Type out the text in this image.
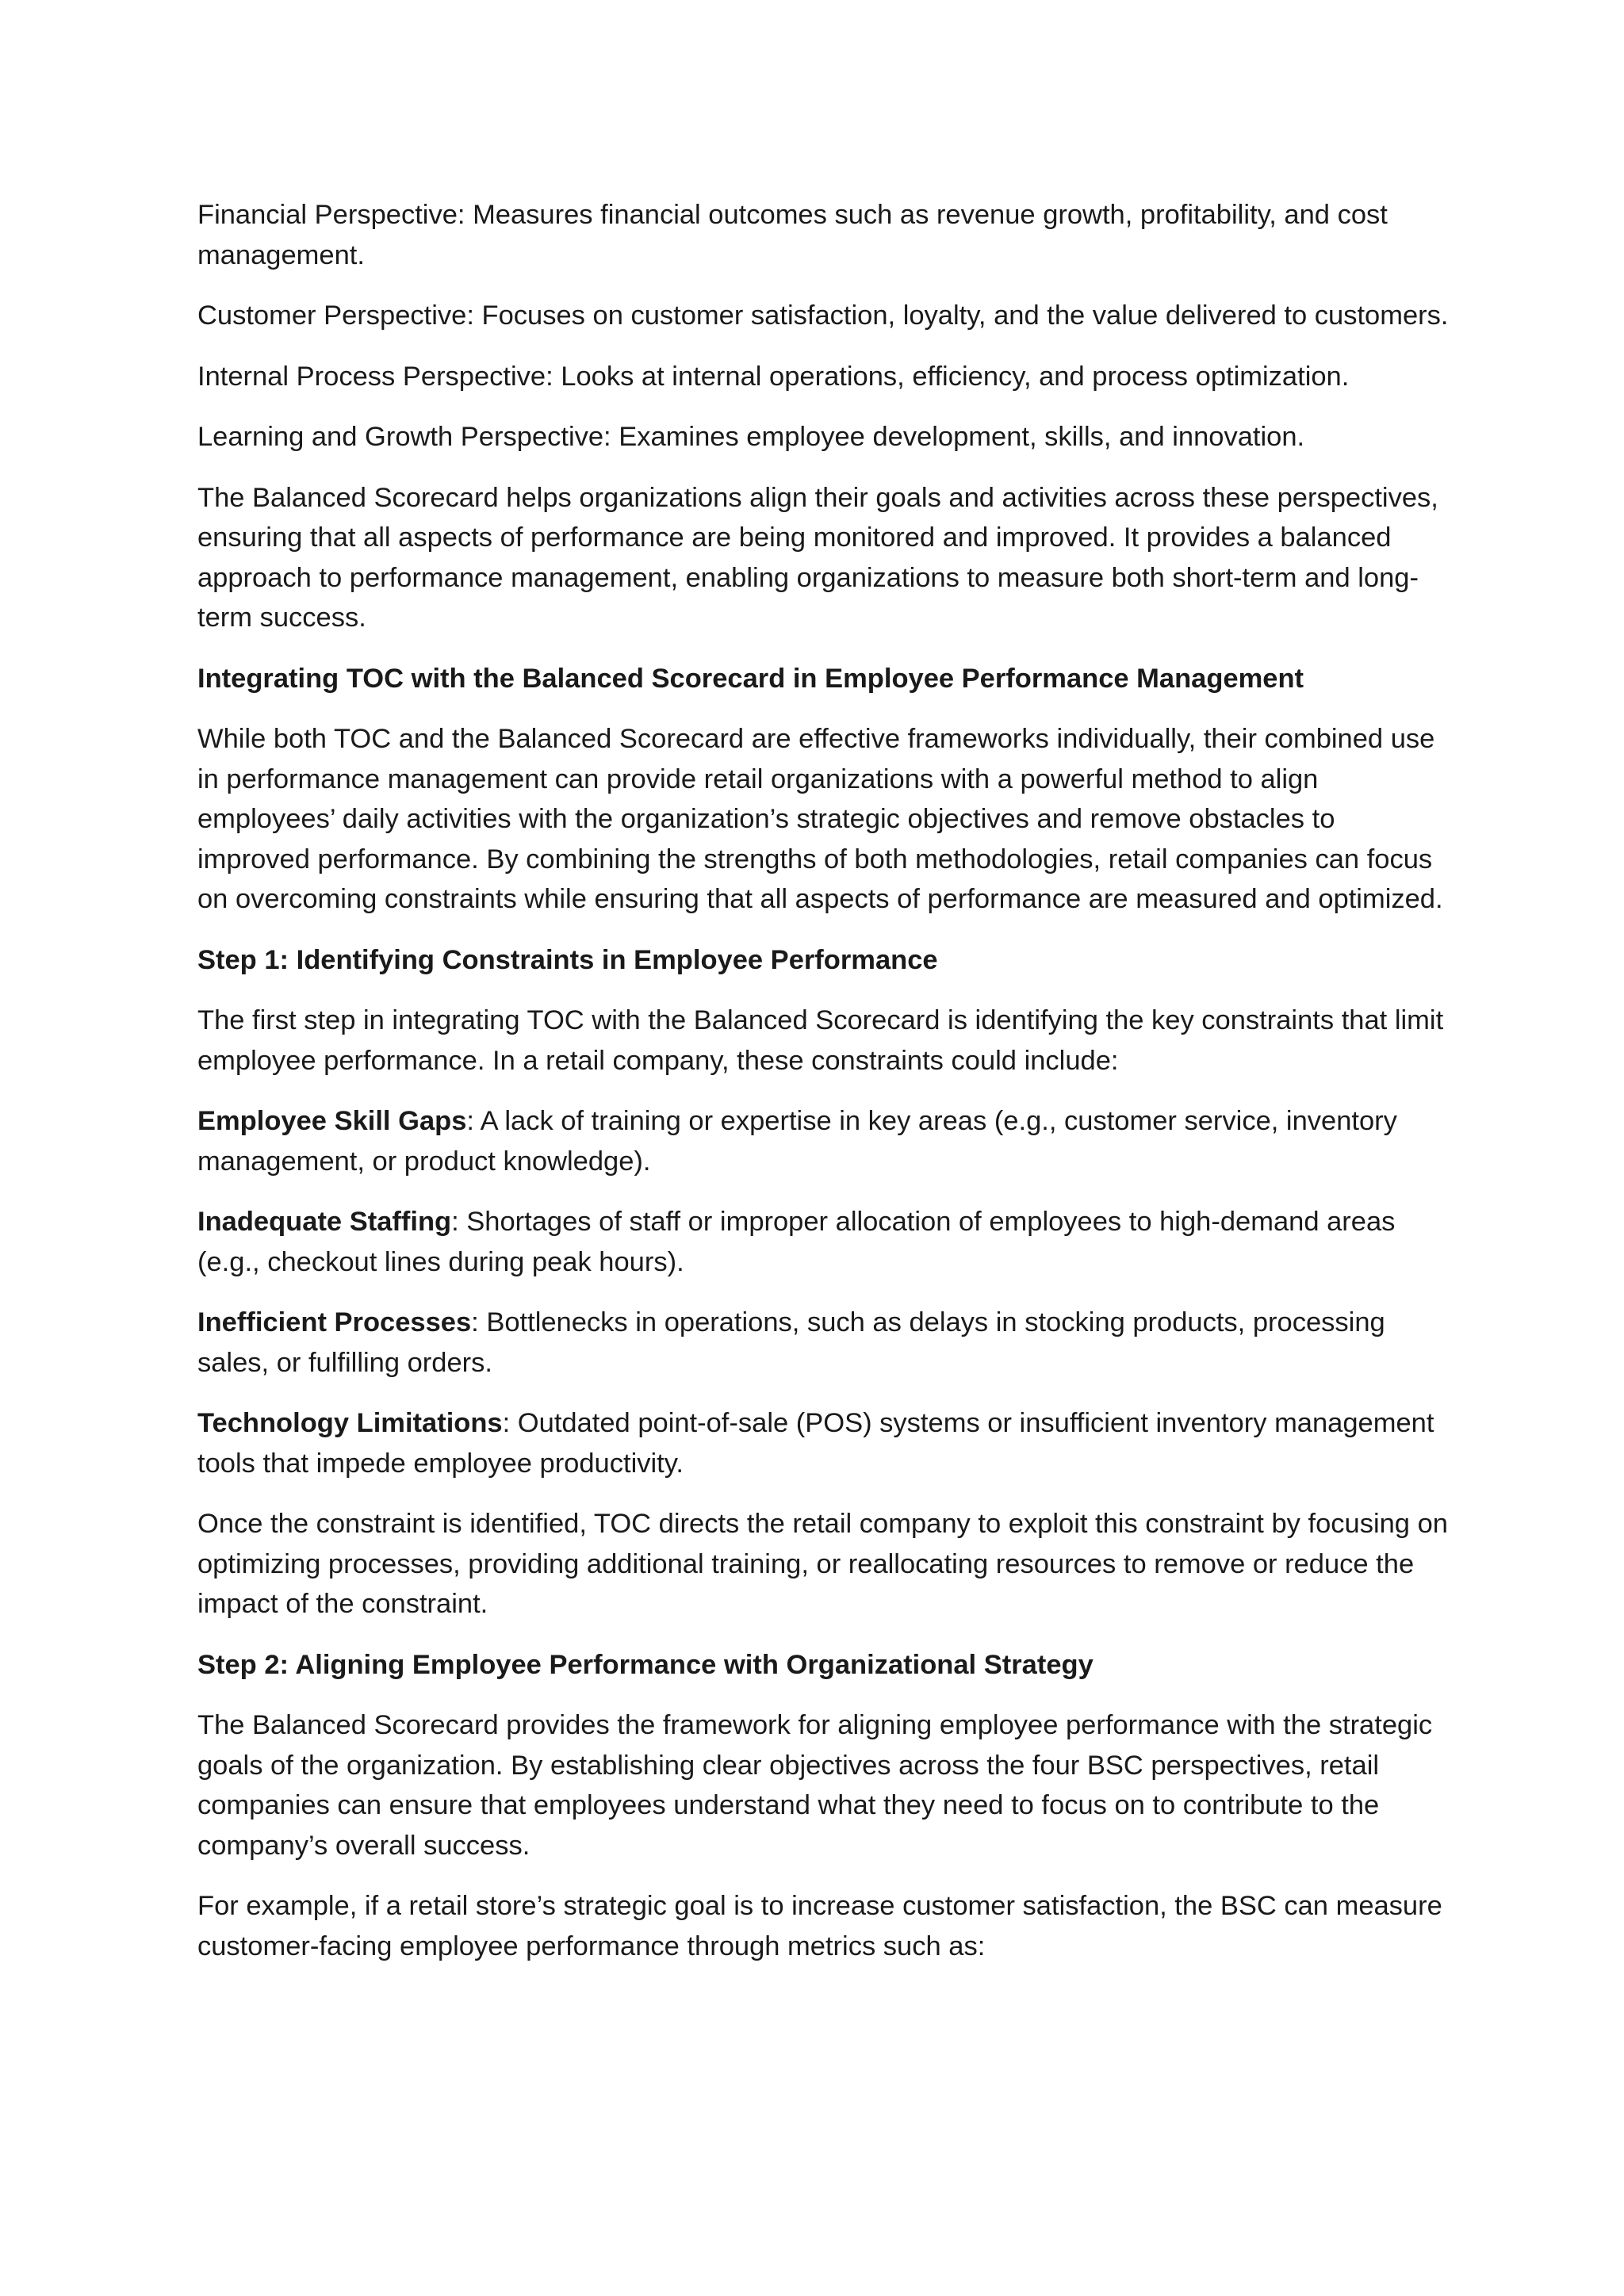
Financial Perspective: Measures financial outcomes such as revenue growth, profitability, and cost management.

Customer Perspective: Focuses on customer satisfaction, loyalty, and the value delivered to customers.

Internal Process Perspective: Looks at internal operations, efficiency, and process optimization.

Learning and Growth Perspective: Examines employee development, skills, and innovation.

The Balanced Scorecard helps organizations align their goals and activities across these perspectives, ensuring that all aspects of performance are being monitored and improved. It provides a balanced approach to performance management, enabling organizations to measure both short-term and long-term success.

Integrating TOC with the Balanced Scorecard in Employee Performance Management

While both TOC and the Balanced Scorecard are effective frameworks individually, their combined use in performance management can provide retail organizations with a powerful method to align employees’ daily activities with the organization’s strategic objectives and remove obstacles to improved performance. By combining the strengths of both methodologies, retail companies can focus on overcoming constraints while ensuring that all aspects of performance are measured and optimized.

Step 1: Identifying Constraints in Employee Performance

The first step in integrating TOC with the Balanced Scorecard is identifying the key constraints that limit employee performance. In a retail company, these constraints could include:

Employee Skill Gaps: A lack of training or expertise in key areas (e.g., customer service, inventory management, or product knowledge).

Inadequate Staffing: Shortages of staff or improper allocation of employees to high-demand areas (e.g., checkout lines during peak hours).

Inefficient Processes: Bottlenecks in operations, such as delays in stocking products, processing sales, or fulfilling orders.

Technology Limitations: Outdated point-of-sale (POS) systems or insufficient inventory management tools that impede employee productivity.

Once the constraint is identified, TOC directs the retail company to exploit this constraint by focusing on optimizing processes, providing additional training, or reallocating resources to remove or reduce the impact of the constraint.

Step 2: Aligning Employee Performance with Organizational Strategy

The Balanced Scorecard provides the framework for aligning employee performance with the strategic goals of the organization. By establishing clear objectives across the four BSC perspectives, retail companies can ensure that employees understand what they need to focus on to contribute to the company’s overall success.

For example, if a retail store’s strategic goal is to increase customer satisfaction, the BSC can measure customer-facing employee performance through metrics such as:
